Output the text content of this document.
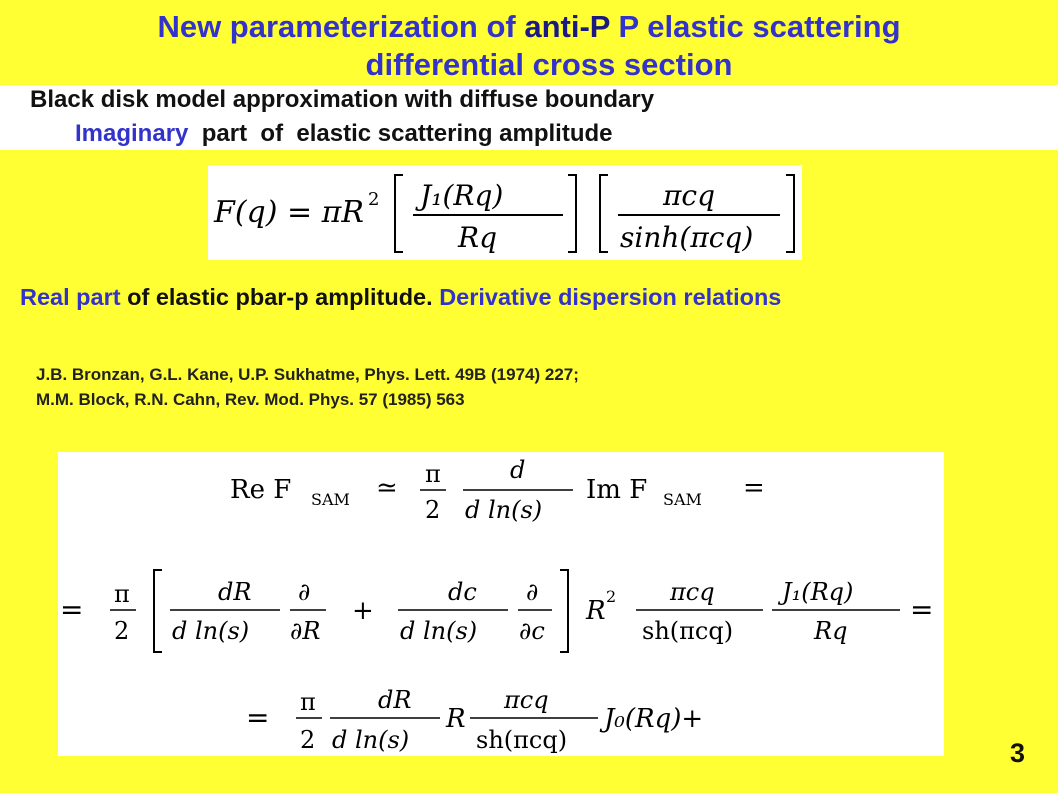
New parameterization of anti-P P elastic scattering
differential cross section
Black disk model approximation with diffuse boundary
Imaginary  part  of  elastic scattering amplitude
F(q) = πR 2 J₁(Rq)
Rq
πcq
sinh(πcq)
Real part of elastic pbar-p amplitude. Derivative dispersion relations
J.B. Bronzan, G.L. Kane, U.P. Sukhatme, Phys. Lett. 49B (1974) 227;
M.M. Block, R.N. Cahn, Rev. Mod. Phys. 57 (1985) 563
Re F SAM ≃ π
2
d
d ln(s)
Im F SAM =
= π
2
dR
d ln(s)
∂
∂R
+
dc
d ln(s)
∂
∂c
R 2 πcq
sh(πcq)
J₁(Rq)
Rq
=
= π
2
dR
d ln(s)
R
πcq
sh(πcq)
J₀(Rq)+
3
